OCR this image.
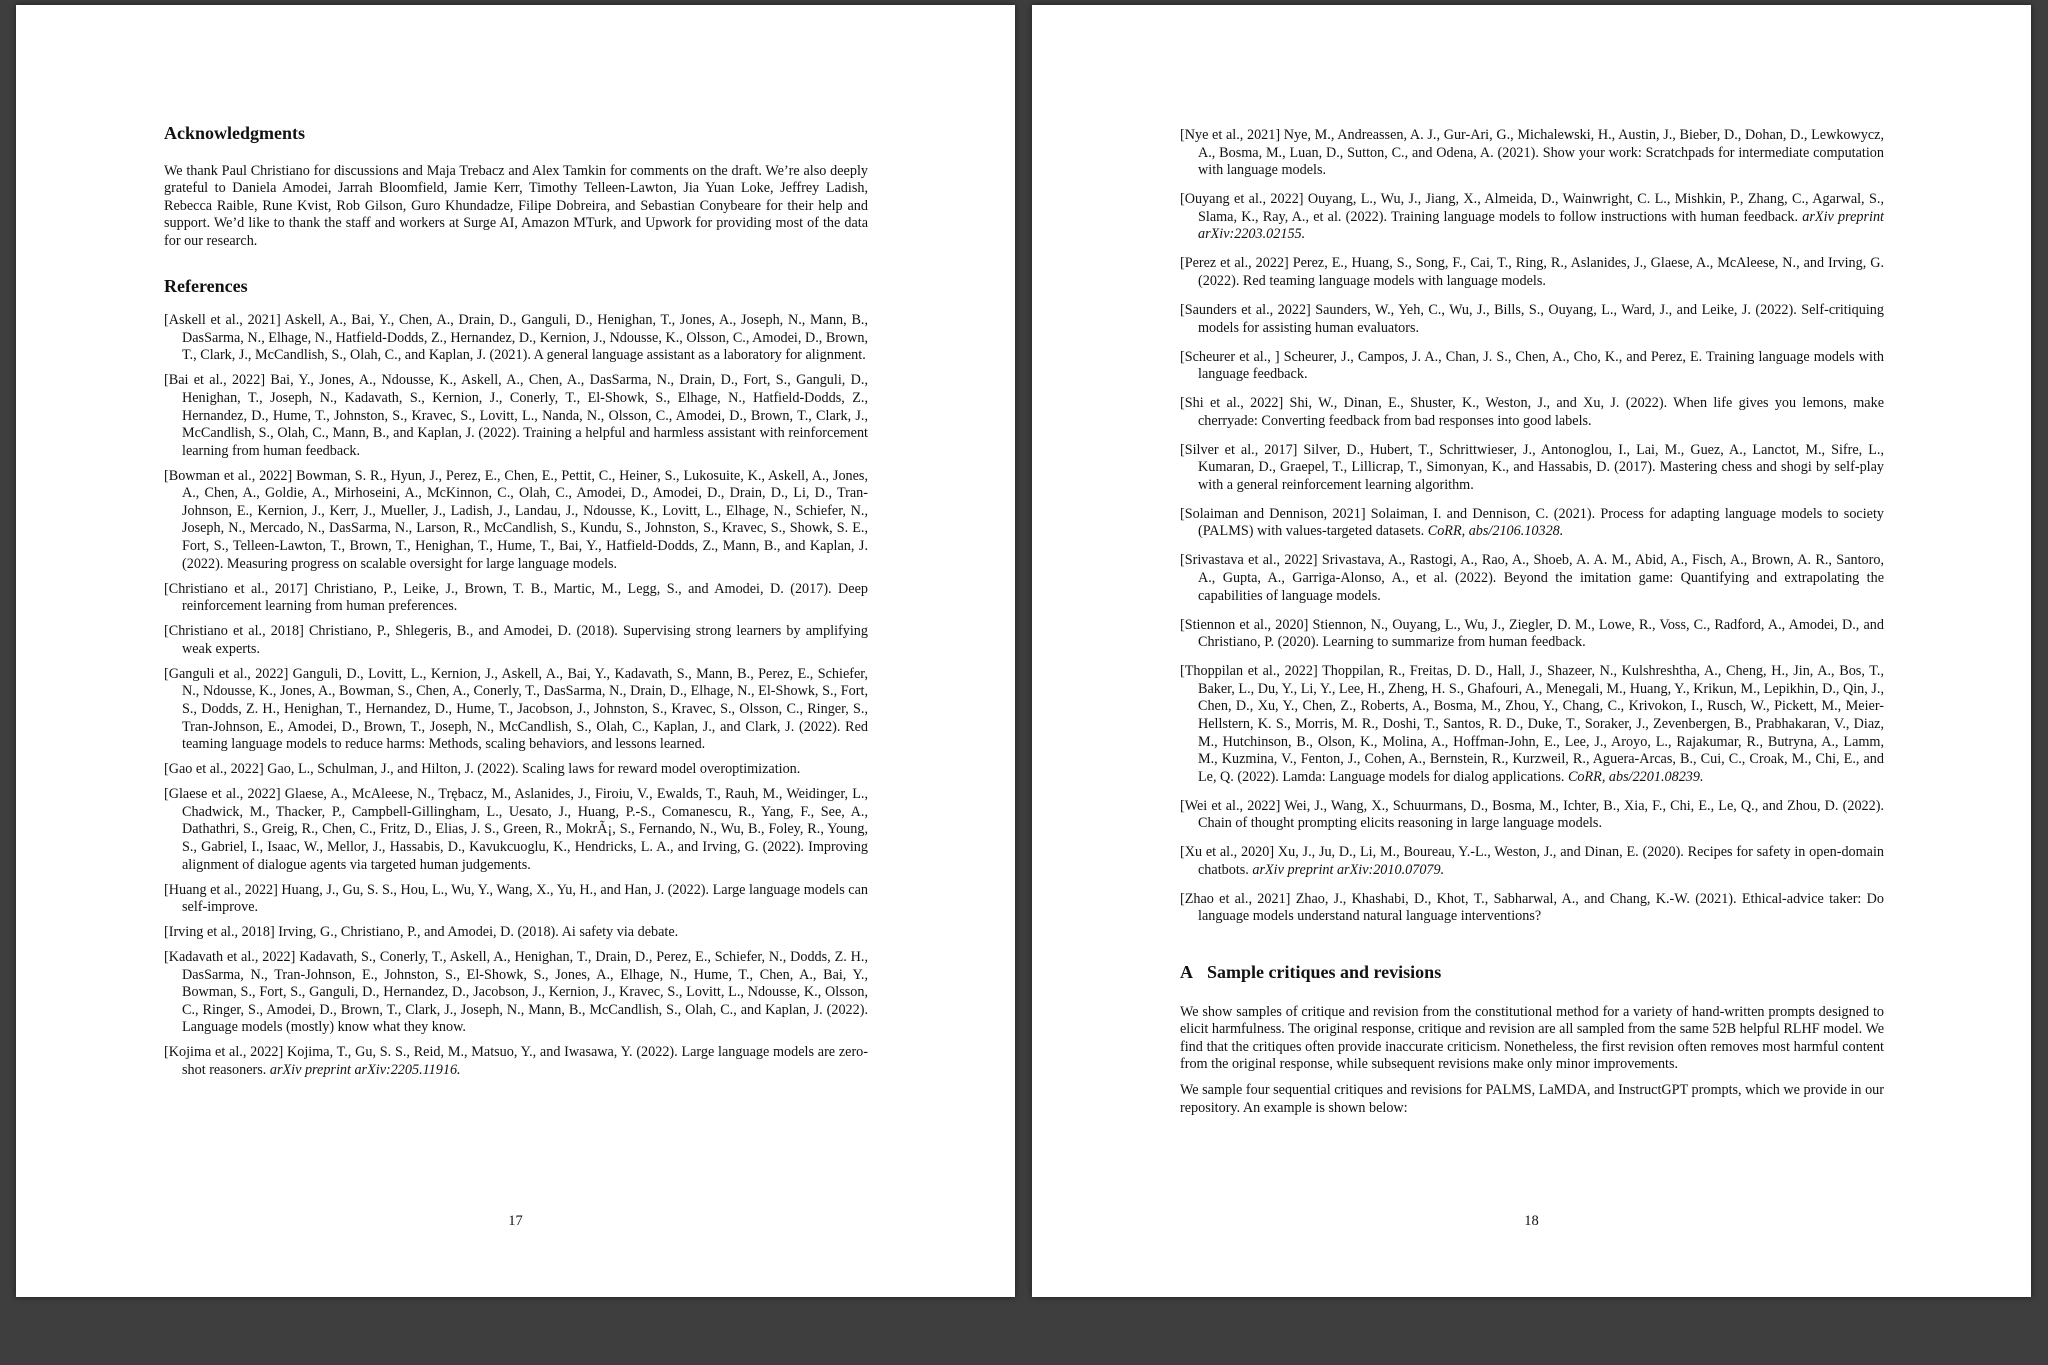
Acknowledgments

We thank Paul Christiano for discussions and Maja Trebacz and Alex Tamkin for comments on the draft. We’re also deeply grateful to Daniela Amodei, Jarrah Bloomfield, Jamie Kerr, Timothy Telleen-Lawton, Jia Yuan Loke, Jeffrey Ladish, Rebecca Raible, Rune Kvist, Rob Gilson, Guro Khundadze, Filipe Dobreira, and Sebastian Conybeare for their help and support. We’d like to thank the staff and workers at Surge AI, Amazon MTurk, and Upwork for providing most of the data for our research.

References
[Askell et al., 2021] Askell, A., Bai, Y., Chen, A., Drain, D., Ganguli, D., Henighan, T., Jones, A., Joseph, N., Mann, B., DasSarma, N., Elhage, N., Hatfield-Dodds, Z., Hernandez, D., Kernion, J., Ndousse, K., Olsson, C., Amodei, D., Brown, T., Clark, J., McCandlish, S., Olah, C., and Kaplan, J. (2021). A general language assistant as a laboratory for alignment.
[Bai et al., 2022] Bai, Y., Jones, A., Ndousse, K., Askell, A., Chen, A., DasSarma, N., Drain, D., Fort, S., Ganguli, D., Henighan, T., Joseph, N., Kadavath, S., Kernion, J., Conerly, T., El-Showk, S., Elhage, N., Hatfield-Dodds, Z., Hernandez, D., Hume, T., Johnston, S., Kravec, S., Lovitt, L., Nanda, N., Olsson, C., Amodei, D., Brown, T., Clark, J., McCandlish, S., Olah, C., Mann, B., and Kaplan, J. (2022). Training a helpful and harmless assistant with reinforcement learning from human feedback.
[Bowman et al., 2022] Bowman, S. R., Hyun, J., Perez, E., Chen, E., Pettit, C., Heiner, S., Lukosuite, K., Askell, A., Jones, A., Chen, A., Goldie, A., Mirhoseini, A., McKinnon, C., Olah, C., Amodei, D., Amodei, D., Drain, D., Li, D., Tran-Johnson, E., Kernion, J., Kerr, J., Mueller, J., Ladish, J., Landau, J., Ndousse, K., Lovitt, L., Elhage, N., Schiefer, N., Joseph, N., Mercado, N., DasSarma, N., Larson, R., McCandlish, S., Kundu, S., Johnston, S., Kravec, S., Showk, S. E., Fort, S., Telleen-Lawton, T., Brown, T., Henighan, T., Hume, T., Bai, Y., Hatfield-Dodds, Z., Mann, B., and Kaplan, J. (2022). Measuring progress on scalable oversight for large language models.
[Christiano et al., 2017] Christiano, P., Leike, J., Brown, T. B., Martic, M., Legg, S., and Amodei, D. (2017). Deep reinforcement learning from human preferences.
[Christiano et al., 2018] Christiano, P., Shlegeris, B., and Amodei, D. (2018). Supervising strong learners by amplifying weak experts.
[Ganguli et al., 2022] Ganguli, D., Lovitt, L., Kernion, J., Askell, A., Bai, Y., Kadavath, S., Mann, B., Perez, E., Schiefer, N., Ndousse, K., Jones, A., Bowman, S., Chen, A., Conerly, T., DasSarma, N., Drain, D., Elhage, N., El-Showk, S., Fort, S., Dodds, Z. H., Henighan, T., Hernandez, D., Hume, T., Jacobson, J., Johnston, S., Kravec, S., Olsson, C., Ringer, S., Tran-Johnson, E., Amodei, D., Brown, T., Joseph, N., McCandlish, S., Olah, C., Kaplan, J., and Clark, J. (2022). Red teaming language models to reduce harms: Methods, scaling behaviors, and lessons learned.
[Gao et al., 2022] Gao, L., Schulman, J., and Hilton, J. (2022). Scaling laws for reward model overoptimization.
[Glaese et al., 2022] Glaese, A., McAleese, N., Trębacz, M., Aslanides, J., Firoiu, V., Ewalds, T., Rauh, M., Weidinger, L., Chadwick, M., Thacker, P., Campbell-Gillingham, L., Uesato, J., Huang, P.-S., Comanescu, R., Yang, F., See, A., Dathathri, S., Greig, R., Chen, C., Fritz, D., Elias, J. S., Green, R., MokrÃ¡, S., Fernando, N., Wu, B., Foley, R., Young, S., Gabriel, I., Isaac, W., Mellor, J., Hassabis, D., Kavukcuoglu, K., Hendricks, L. A., and Irving, G. (2022). Improving alignment of dialogue agents via targeted human judgements.
[Huang et al., 2022] Huang, J., Gu, S. S., Hou, L., Wu, Y., Wang, X., Yu, H., and Han, J. (2022). Large language models can self-improve.
[Irving et al., 2018] Irving, G., Christiano, P., and Amodei, D. (2018). Ai safety via debate.
[Kadavath et al., 2022] Kadavath, S., Conerly, T., Askell, A., Henighan, T., Drain, D., Perez, E., Schiefer, N., Dodds, Z. H., DasSarma, N., Tran-Johnson, E., Johnston, S., El-Showk, S., Jones, A., Elhage, N., Hume, T., Chen, A., Bai, Y., Bowman, S., Fort, S., Ganguli, D., Hernandez, D., Jacobson, J., Kernion, J., Kravec, S., Lovitt, L., Ndousse, K., Olsson, C., Ringer, S., Amodei, D., Brown, T., Clark, J., Joseph, N., Mann, B., McCandlish, S., Olah, C., and Kaplan, J. (2022). Language models (mostly) know what they know.
[Kojima et al., 2022] Kojima, T., Gu, S. S., Reid, M., Matsuo, Y., and Iwasawa, Y. (2022). Large language models are zero-shot reasoners. arXiv preprint arXiv:2205.11916.
17
[Nye et al., 2021] Nye, M., Andreassen, A. J., Gur-Ari, G., Michalewski, H., Austin, J., Bieber, D., Dohan, D., Lewkowycz, A., Bosma, M., Luan, D., Sutton, C., and Odena, A. (2021). Show your work: Scratchpads for intermediate computation with language models.
[Ouyang et al., 2022] Ouyang, L., Wu, J., Jiang, X., Almeida, D., Wainwright, C. L., Mishkin, P., Zhang, C., Agarwal, S., Slama, K., Ray, A., et al. (2022). Training language models to follow instructions with human feedback. arXiv preprint arXiv:2203.02155.
[Perez et al., 2022] Perez, E., Huang, S., Song, F., Cai, T., Ring, R., Aslanides, J., Glaese, A., McAleese, N., and Irving, G. (2022). Red teaming language models with language models.
[Saunders et al., 2022] Saunders, W., Yeh, C., Wu, J., Bills, S., Ouyang, L., Ward, J., and Leike, J. (2022). Self-critiquing models for assisting human evaluators.
[Scheurer et al., ] Scheurer, J., Campos, J. A., Chan, J. S., Chen, A., Cho, K., and Perez, E. Training language models with language feedback.
[Shi et al., 2022] Shi, W., Dinan, E., Shuster, K., Weston, J., and Xu, J. (2022). When life gives you lemons, make cherryade: Converting feedback from bad responses into good labels.
[Silver et al., 2017] Silver, D., Hubert, T., Schrittwieser, J., Antonoglou, I., Lai, M., Guez, A., Lanctot, M., Sifre, L., Kumaran, D., Graepel, T., Lillicrap, T., Simonyan, K., and Hassabis, D. (2017). Mastering chess and shogi by self-play with a general reinforcement learning algorithm.
[Solaiman and Dennison, 2021] Solaiman, I. and Dennison, C. (2021). Process for adapting language models to society (PALMS) with values-targeted datasets. CoRR, abs/2106.10328.
[Srivastava et al., 2022] Srivastava, A., Rastogi, A., Rao, A., Shoeb, A. A. M., Abid, A., Fisch, A., Brown, A. R., Santoro, A., Gupta, A., Garriga-Alonso, A., et al. (2022). Beyond the imitation game: Quantifying and extrapolating the capabilities of language models.
[Stiennon et al., 2020] Stiennon, N., Ouyang, L., Wu, J., Ziegler, D. M., Lowe, R., Voss, C., Radford, A., Amodei, D., and Christiano, P. (2020). Learning to summarize from human feedback.
[Thoppilan et al., 2022] Thoppilan, R., Freitas, D. D., Hall, J., Shazeer, N., Kulshreshtha, A., Cheng, H., Jin, A., Bos, T., Baker, L., Du, Y., Li, Y., Lee, H., Zheng, H. S., Ghafouri, A., Menegali, M., Huang, Y., Krikun, M., Lepikhin, D., Qin, J., Chen, D., Xu, Y., Chen, Z., Roberts, A., Bosma, M., Zhou, Y., Chang, C., Krivokon, I., Rusch, W., Pickett, M., Meier-Hellstern, K. S., Morris, M. R., Doshi, T., Santos, R. D., Duke, T., Soraker, J., Zevenbergen, B., Prabhakaran, V., Diaz, M., Hutchinson, B., Olson, K., Molina, A., Hoffman-John, E., Lee, J., Aroyo, L., Rajakumar, R., Butryna, A., Lamm, M., Kuzmina, V., Fenton, J., Cohen, A., Bernstein, R., Kurzweil, R., Aguera-Arcas, B., Cui, C., Croak, M., Chi, E., and Le, Q. (2022). Lamda: Language models for dialog applications. CoRR, abs/2201.08239.
[Wei et al., 2022] Wei, J., Wang, X., Schuurmans, D., Bosma, M., Ichter, B., Xia, F., Chi, E., Le, Q., and Zhou, D. (2022). Chain of thought prompting elicits reasoning in large language models.
[Xu et al., 2020] Xu, J., Ju, D., Li, M., Boureau, Y.-L., Weston, J., and Dinan, E. (2020). Recipes for safety in open-domain chatbots. arXiv preprint arXiv:2010.07079.
[Zhao et al., 2021] Zhao, J., Khashabi, D., Khot, T., Sabharwal, A., and Chang, K.-W. (2021). Ethical-advice taker: Do language models understand natural language interventions?
A Sample critiques and revisions

We show samples of critique and revision from the constitutional method for a variety of hand-written prompts designed to elicit harmfulness. The original response, critique and revision are all sampled from the same 52B helpful RLHF model. We find that the critiques often provide inaccurate criticism. Nonetheless, the first revision often removes most harmful content from the original response, while subsequent revisions make only minor improvements.

We sample four sequential critiques and revisions for PALMS, LaMDA, and InstructGPT prompts, which we provide in our repository. An example is shown below:

18
